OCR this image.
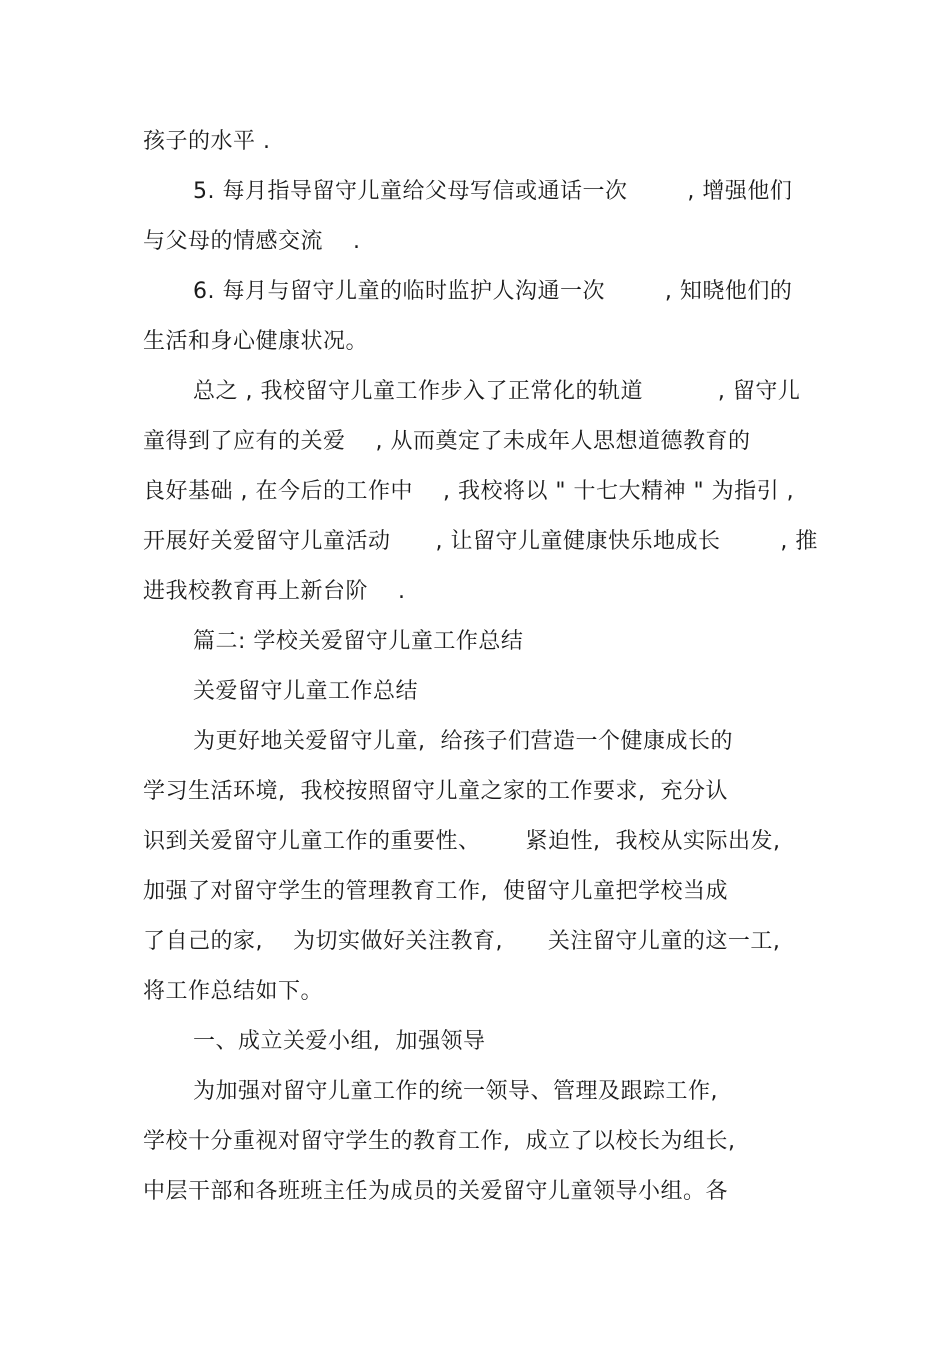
孩子的水平 .
5. 每月指导留守儿童给父母写信或通话一次        , 增强他们
与父母的情感交流    .
6. 每月与留守儿童的临时监护人沟通一次        , 知晓他们的
生活和身心健康状况。
总之 , 我校留守儿童工作步入了正常化的轨道          , 留守儿
童得到了应有的关爱    , 从而奠定了未成年人思想道德教育的
良好基础 , 在今后的工作中    , 我校将以 " 十七大精神 " 为指引 ,
开展好关爱留守儿童活动      , 让留守儿童健康快乐地成长        , 推
进我校教育再上新台阶    .
篇二: 学校关爱留守儿童工作总结
关爱留守儿童工作总结
为更好地关爱留守儿童,  给孩子们营造一个健康成长的
学习生活环境,  我校按照留守儿童之家的工作要求,  充分认
识到关爱留守儿童工作的重要性、      紧迫性,  我校从实际出发,
加强了对留守学生的管理教育工作,  使留守儿童把学校当成
了自己的家,    为切实做好关注教育,      关注留守儿童的这一工,
将工作总结如下。
一、成立关爱小组,  加强领导
为加强对留守儿童工作的统一领导、管理及跟踪工作,
学校十分重视对留守学生的教育工作,  成立了以校长为组长,
中层干部和各班班主任为成员的关爱留守儿童领导小组。各
